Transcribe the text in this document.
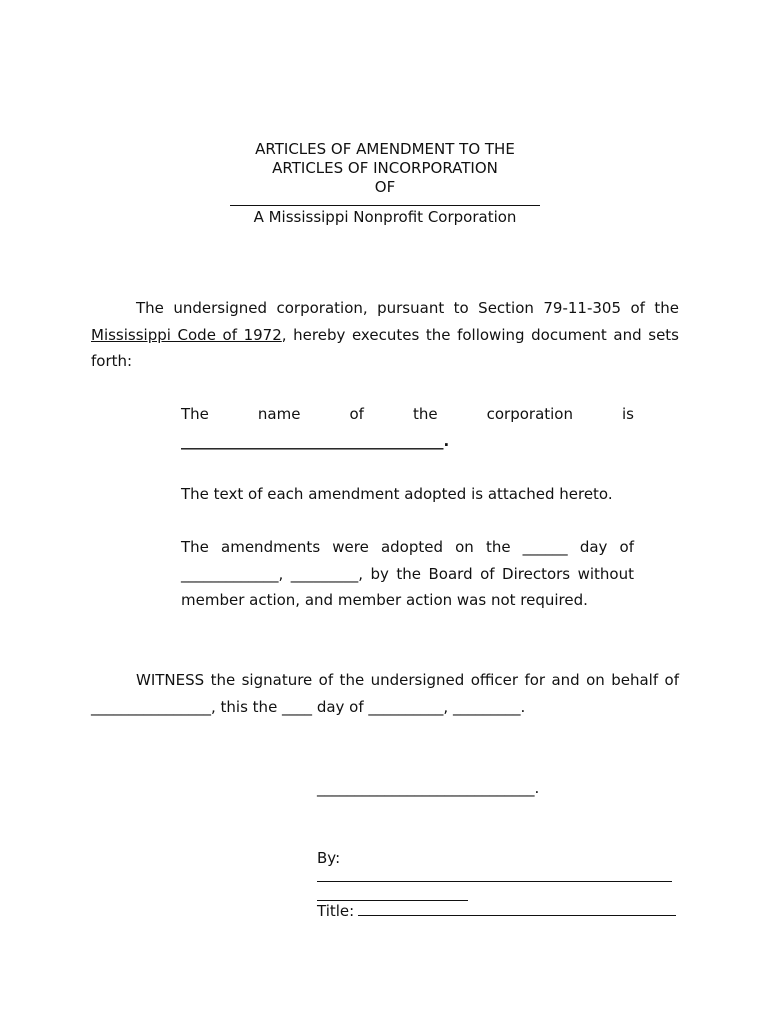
ARTICLES OF AMENDMENT TO THE
ARTICLES OF INCORPORATION
OF
A Mississippi Nonprofit Corporation

The undersigned corporation, pursuant to Section 79-11-305 of the Mississippi Code of 1972, hereby executes the following document and sets forth:

The	name	of	the	corporation	is
___________________________________.

The text of each amendment adopted is attached hereto.

The amendments were adopted on the ______ day of _____________, _________, by the Board of Directors without member action, and member action was not required.

WITNESS the signature of the undersigned officer for and on behalf of ________________, this the ____ day of __________, _________.

_____________________________.
By:
Title:
